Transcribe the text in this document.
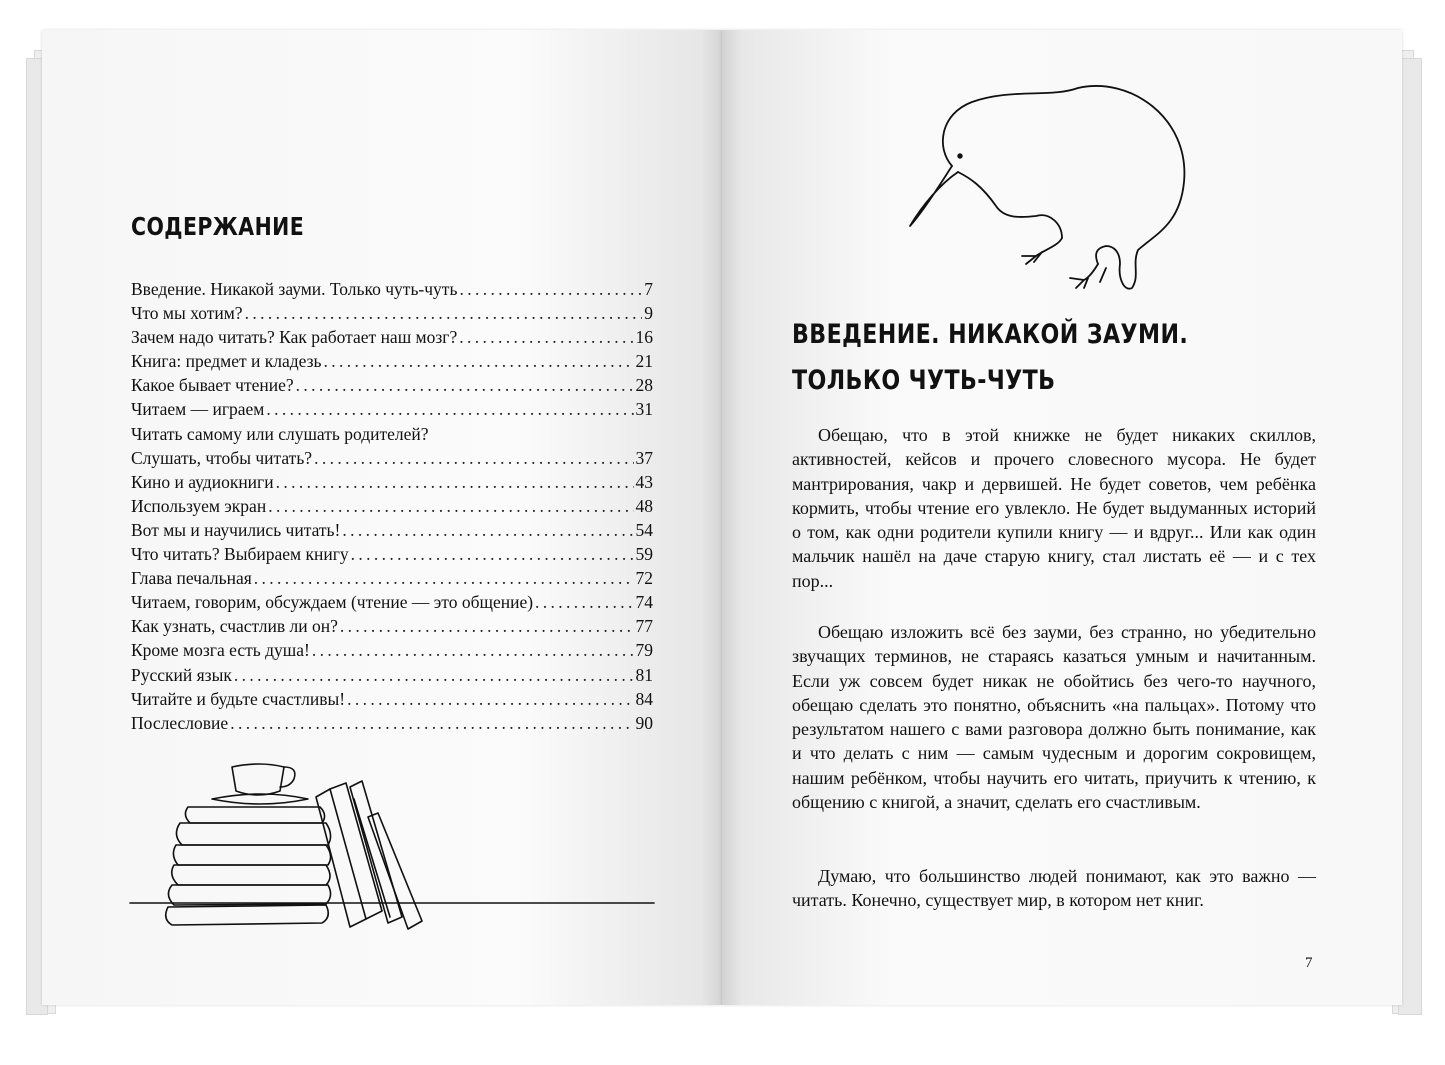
СОДЕРЖАНИЕ
Введение. Никакой зауми. Только чуть-чуть . . .	7
Что мы хотим? . . .	9
Зачем надо читать? Как работает наш мозг? . . .	16
Книга: предмет и кладезь . . .	21
Какое бывает чтение? . . .	28
Читаем — играем . . .	31
Читать самому или слушать родителей?
Слушать, чтобы читать? . . .	37
Кино и аудиокниги . . .	43
Используем экран . . .	48
Вот мы и научились читать! . . .	54
Что читать? Выбираем книгу . . .	59
Глава печальная . . .	72
Читаем, говорим, обсуждаем (чтение — это общение) . . .	74
Как узнать, счастлив ли он? . . .	77
Кроме мозга есть душа! . . .	79
Русский язык . . .	81
Читайте и будьте счастливы! . . .	84
Послесловие . . .	90
ВВЕДЕНИЕ. НИКАКОЙ ЗАУМИ.
ТОЛЬКО ЧУТЬ-ЧУТЬ
Обещаю, что в этой книжке не будет никаких скиллов, активностей, кейсов и прочего словесного мусора. Не будет мантрирования, чакр и дервишей. Не будет советов, чем ребёнка кормить, чтобы чтение его увлекло. Не будет выдуманных историй о том, как одни родители купили книгу — и вдруг... Или как один мальчик нашёл на даче старую книгу, стал листать её — и с тех пор...
Обещаю изложить всё без зауми, без странно, но убедительно звучащих терминов, не стараясь казаться умным и начитанным. Если уж совсем будет никак не обойтись без чего-то научного, обещаю сделать это понятно, объяснить «на пальцах». Потому что результатом нашего с вами разговора должно быть понимание, как и что делать с ним — самым чудесным и дорогим сокровищем, нашим ребёнком, чтобы научить его читать, приучить к чтению, к общению с книгой, а значит, сделать его счастливым.
Думаю, что большинство людей понимают, как это важно — читать. Конечно, существует мир, в котором нет книг.
7
